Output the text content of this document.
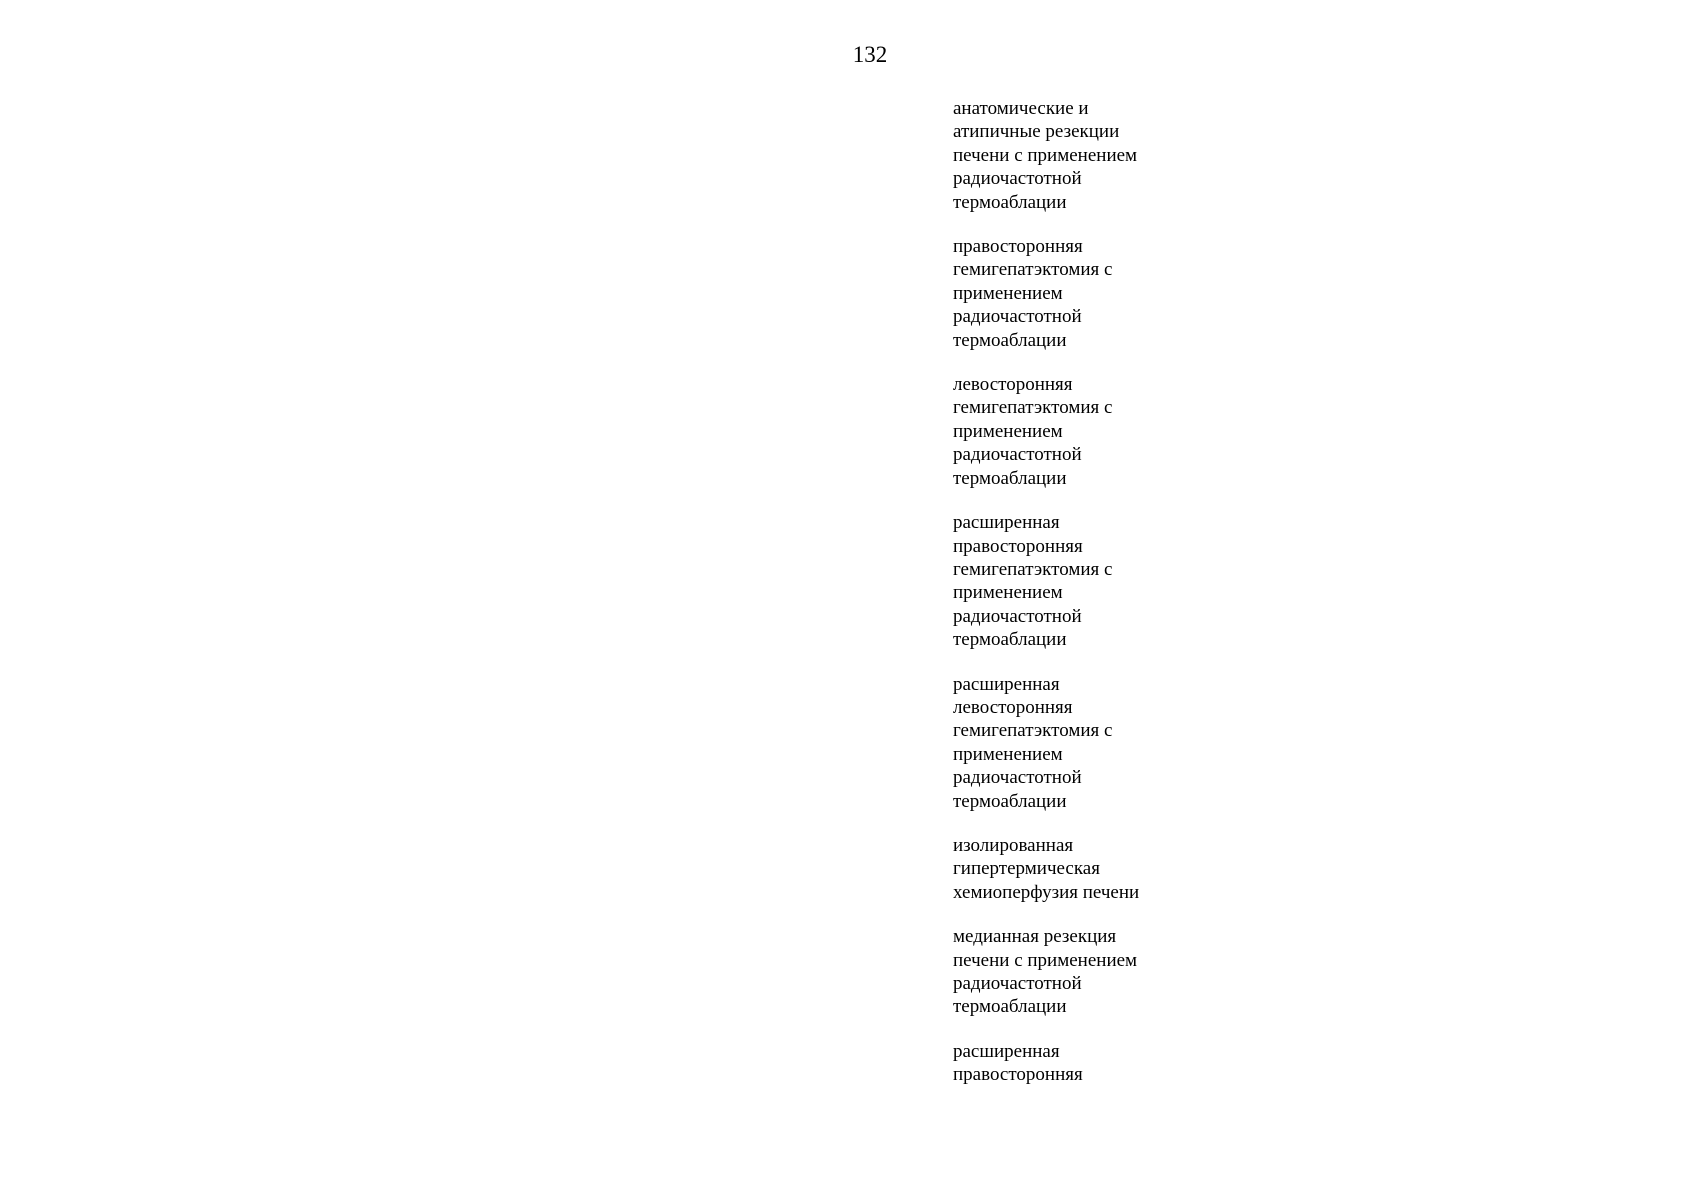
132
анатомические и
атипичные резекции
печени с применением
радиочастотной
термоаблации
правосторонняя
гемигепатэктомия с
применением
радиочастотной
термоаблации
левосторонняя
гемигепатэктомия с
применением
радиочастотной
термоаблации
расширенная
правосторонняя
гемигепатэктомия с
применением
радиочастотной
термоаблации
расширенная
левосторонняя
гемигепатэктомия с
применением
радиочастотной
термоаблации
изолированная
гипертермическая
хемиоперфузия печени
медианная резекция
печени с применением
радиочастотной
термоаблации
расширенная
правосторонняя
